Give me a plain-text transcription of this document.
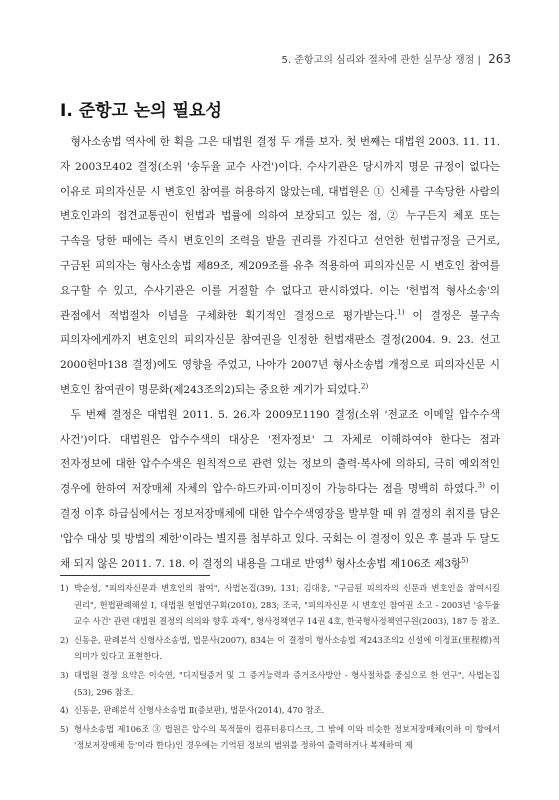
5. 준항고의 심리와 절차에 관한 실무상 쟁점 | 263
Ⅰ. 준항고 논의 필요성

형사소송법 역사에 한 획을 그은 대법원 결정 두 개를 보자. 첫 번째는 대법원 2003. 11. 11.자 2003모402 결정(소위 '송두율 교수 사건')이다. 수사기관은 당시까지 명문 규정이 없다는 이유로 피의자신문 시 변호인 참여를 허용하지 않았는데, 대법원은 ① 신체를 구속당한 사람의 변호인과의 접견교통권이 헌법과 법률에 의하여 보장되고 있는 점, ② 누구든지 체포 또는 구속을 당한 때에는 즉시 변호인의 조력을 받을 권리를 가진다고 선언한 헌법규정을 근거로, 구금된 피의자는 형사소송법 제89조, 제209조를 유추 적용하여 피의자신문 시 변호인 참여를 요구할 수 있고, 수사기관은 이를 거절할 수 없다고 판시하였다. 이는 '헌법적 형사소송'의 관점에서 적법절차 이념을 구체화한 획기적인 결정으로 평가받는다.$^{1)}$ 이 결정은 불구속 피의자에게까지 변호인의 피의자신문 참여권을 인정한 헌법재판소 결정(2004. 9. 23. 선고 2000헌마138 결정)에도 영향을 주었고, 나아가 2007년 형사소송법 개정으로 피의자신문 시 변호인 참여권이 명문화(제243조의2)되는 중요한 계기가 되었다.$^{2)}$

두 번째 결정은 대법원 2011. 5. 26.자 2009모1190 결정(소위 '전교조 이메일 압수수색 사건')이다. 대법원은 압수수색의 대상은 '전자정보' 그 자체로 이해하여야 한다는 점과 전자정보에 대한 압수수색은 원칙적으로 관련 있는 정보의 출력·복사에 의하되, 극히 예외적인 경우에 한하여 저장매체 자체의 압수·하드카피·이미징이 가능하다는 점을 명백히 하였다.$^{3)}$ 이 결정 이후 하급심에서는 정보저장매체에 대한 압수수색영장을 발부할 때 위 결정의 취지를 담은 '압수 대상 및 방법의 제한'이라는 별지를 첨부하고 있다. 국회는 이 결정이 있은 후 불과 두 달도 채 되지 않은 2011. 7. 18. 이 결정의 내용을 그대로 반영$^{4)}$ 형사소송법 제106조 제3항$^{5)}$

1) 박순성, "피의자신문과 변호인의 참여", 사법논집(39), 131; 김대웅, "구금된 피의자의 신문과 변호인을 참여시킬 권리", 헌법판례해설 Ⅰ, 대법원 헌법연구회(2010), 283; 조국, "피의자신문 시 변호인 참여권 소고 - 2003년 '송두율 교수 사건' 관련 대법원 결정의 의의와 향후 과제", 형사정책연구 14권 4호, 한국형사정책연구원(2003), 187 등 참조.
2) 신동운, 판례분석 신형사소송법, 법문사(2007), 834는 이 결정이 형사소송법 제243조의2 신설에 이정표(里程標)적 의미가 있다고 표현한다.
3) 대법원 결정 요약은 이숙연, "디지털증거 및 그 증거능력과 증거조사방안 - 형사절차를 중심으로 한 연구", 사법논집(53), 296 참조.
4) 신동운, 판례분석 신형사소송법 Ⅱ(증보판), 법문사(2014), 470 참조.
5) 형사소송법 제106조 ③ 법원은 압수의 목적물이 컴퓨터용디스크, 그 밖에 이와 비슷한 정보저장매체(이하 이 항에서 '정보저장매체 등'이라 한다)인 경우에는 기억된 정보의 범위를 정하여 출력하거나 복제하여 제
